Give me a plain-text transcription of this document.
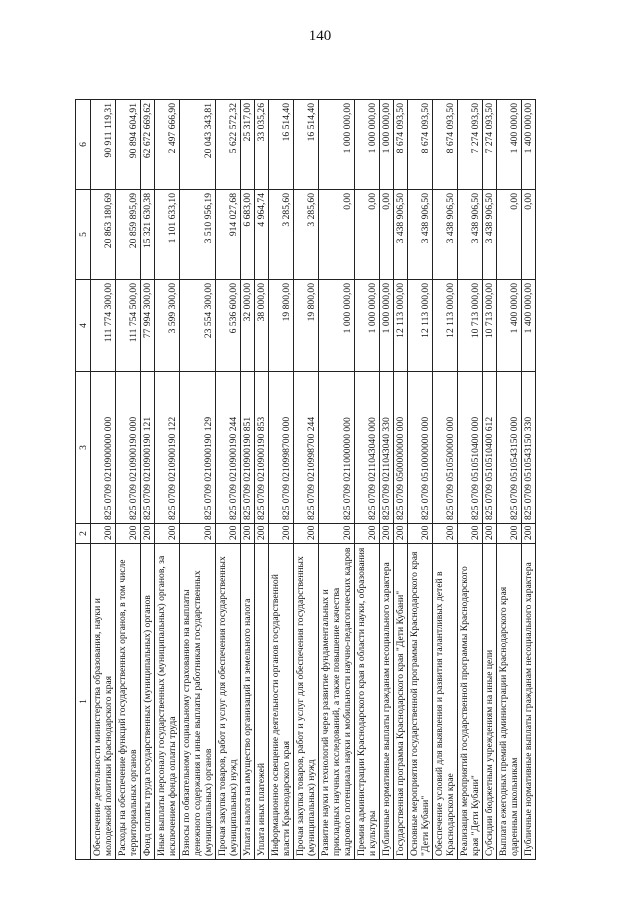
140
1	2	3	4	5	6
Обеспечение деятельности министерства образования, науки и молодежной политики Краснодарского края	200	825 0709 0210900000 000	111 774 300,00	20 863 180,69	90 911 119,31
Расходы на обеспечение функций государственных органов, в том числе территориальных органов	200	825 0709 0210900190 000	111 754 500,00	20 859 895,09	90 894 604,91
Фонд оплаты труда государственных (муниципальных) органов	200	825 0709 0210900190 121	77 994 300,00	15 321 630,38	62 672 669,62
Иные выплаты персоналу государственных (муниципальных) органов, за исключением фонда оплаты труда	200	825 0709 0210900190 122	3 599 300,00	1 101 633,10	2 497 666,90
Взносы по обязательному социальному страхованию на выплаты денежного содержания и иные выплаты работникам государственных (муниципальных) органов	200	825 0709 0210900190 129	23 554 300,00	3 510 956,19	20 043 343,81
Прочая закупка товаров, работ и услуг для обеспечения государственных (муниципальных) нужд	200	825 0709 0210900190 244	6 536 600,00	914 027,68	5 622 572,32
Уплата налога на имущество организаций и земельного налога	200	825 0709 0210900190 851	32 000,00	6 683,00	25 317,00
Уплата иных платежей	200	825 0709 0210900190 853	38 000,00	4 964,74	33 035,26
Информационное освещение деятельности органов государственной власти Краснодарского края	200	825 0709 0210998700 000	19 800,00	3 285,60	16 514,40
Прочая закупка товаров, работ и услуг для обеспечения государственных (муниципальных) нужд	200	825 0709 0210998700 244	19 800,00	3 285,60	16 514,40
Развитие науки и технологий через развитие фундаментальных и прикладных научных исследований, а также повышение качества кадрового потенциала науки и мобильности научно-педагогических кадров	200	825 0709 0211000000 000	1 000 000,00	0,00	1 000 000,00
Премия администрации Краснодарского края в области науки, образования и культуры	200	825 0709 0211043040 000	1 000 000,00	0,00	1 000 000,00
Публичные нормативные выплаты гражданам несоциального характера	200	825 0709 0211043040 330	1 000 000,00	0,00	1 000 000,00
Государственная программа Краснодарского края "Дети Кубани"	200	825 0709 0500000000 000	12 113 000,00	3 438 906,50	8 674 093,50
Основные мероприятия государственной программы Краснодарского края "Дети Кубани"	200	825 0709 0510000000 000	12 113 000,00	3 438 906,50	8 674 093,50
Обеспечение условий для выявления и развития талантливых детей в Краснодарском крае	200	825 0709 0510500000 000	12 113 000,00	3 438 906,50	8 674 093,50
Реализация мероприятий государственной программы Краснодарского края "Дети Кубани"	200	825 0709 0510510400 000	10 713 000,00	3 438 906,50	7 274 093,50
Субсидии бюджетным учреждениям на иные цели	200	825 0709 0510510400 612	10 713 000,00	3 438 906,50	7 274 093,50
Выплата ежегодных премий администрации Краснодарского края одаренным школьникам	200	825 0709 0510543150 000	1 400 000,00	0,00	1 400 000,00
Публичные нормативные выплаты гражданам несоциального характера	200	825 0709 0510543150 330	1 400 000,00	0,00	1 400 000,00
